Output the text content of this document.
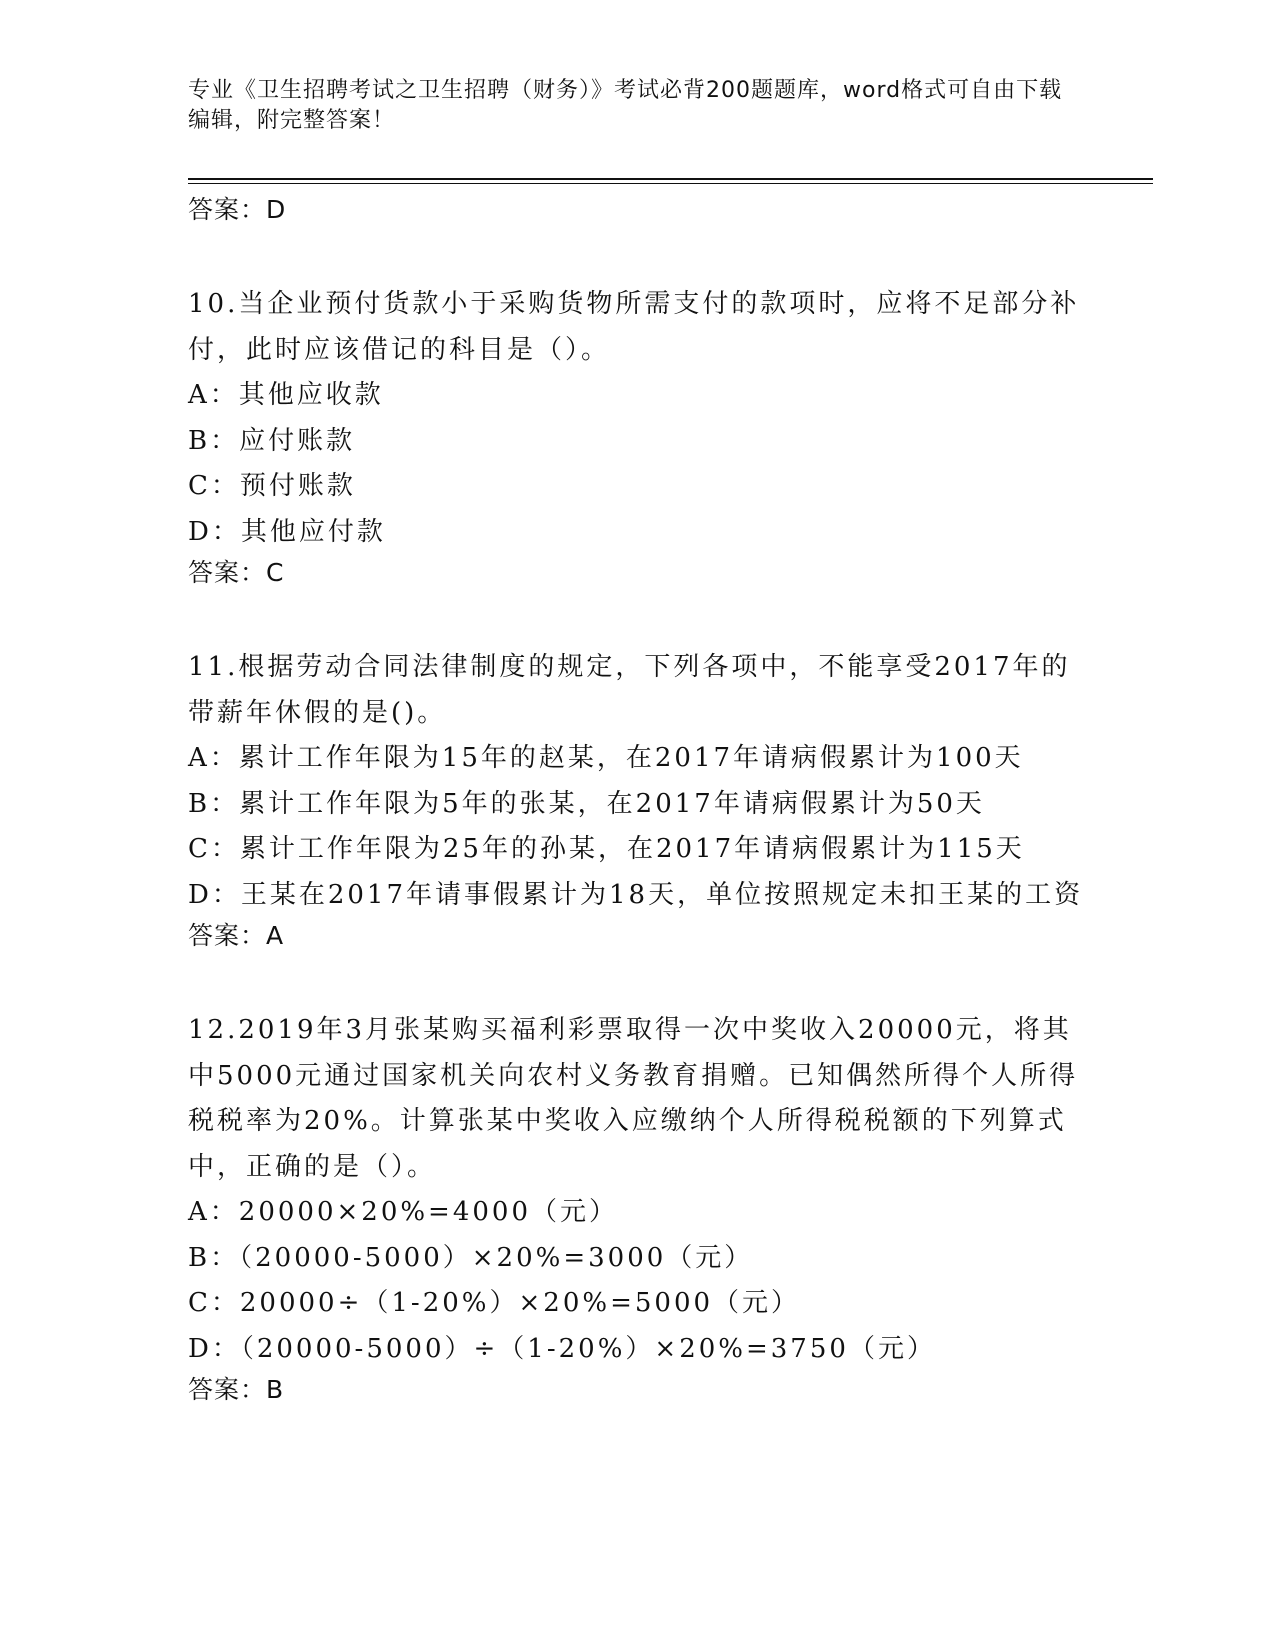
专业《卫生招聘考试之卫生招聘（财务）》考试必背200题题库，word格式可自由下载编辑，附完整答案！
答案：D
10.当企业预付货款小于采购货物所需支付的款项时，应将不足部分补付，此时应该借记的科目是（）。
A：其他应收款
B：应付账款
C：预付账款
D：其他应付款
答案：C
11.根据劳动合同法律制度的规定，下列各项中，不能享受2017年的带薪年休假的是()。
A：累计工作年限为15年的赵某，在2017年请病假累计为100天
B：累计工作年限为5年的张某，在2017年请病假累计为50天
C：累计工作年限为25年的孙某，在2017年请病假累计为115天
D：王某在2017年请事假累计为18天，单位按照规定未扣王某的工资
答案：A
12.2019年3月张某购买福利彩票取得一次中奖收入20000元，将其中5000元通过国家机关向农村义务教育捐赠。已知偶然所得个人所得税税率为20%。计算张某中奖收入应缴纳个人所得税税额的下列算式中，正确的是（）。
A：20000×20%=4000（元）
B：（20000-5000）×20%=3000（元）
C：20000÷（1-20%）×20%=5000（元）
D：（20000-5000）÷（1-20%）×20%=3750（元）
答案：B
